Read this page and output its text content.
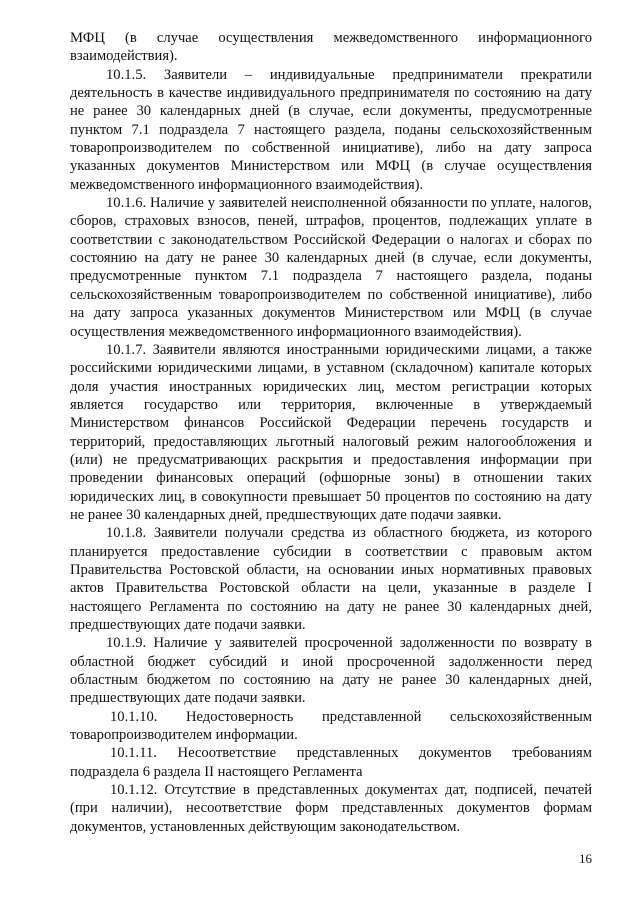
МФЦ (в случае осуществления межведомственного информационного взаимодействия).

10.1.5. Заявители – индивидуальные предприниматели прекратили деятельность в качестве индивидуального предпринимателя по состоянию на дату не ранее 30 календарных дней (в случае, если документы, предусмотренные пунктом 7.1 подраздела 7 настоящего раздела, поданы сельскохозяйственным товаропроизводителем по собственной инициативе), либо на дату запроса указанных документов Министерством или МФЦ (в случае осуществления межведомственного информационного взаимодействия).

10.1.6. Наличие у заявителей неисполненной обязанности по уплате, налогов, сборов, страховых взносов, пеней, штрафов, процентов, подлежащих уплате в соответствии с законодательством Российской Федерации о налогах и сборах по состоянию на дату не ранее 30 календарных дней (в случае, если документы, предусмотренные пунктом 7.1 подраздела 7 настоящего раздела, поданы сельскохозяйственным товаропроизводителем по собственной инициативе), либо на дату запроса указанных документов Министерством или МФЦ (в случае осуществления межведомственного информационного взаимодействия).

10.1.7. Заявители являются иностранными юридическими лицами, а также российскими юридическими лицами, в уставном (складочном) капитале которых доля участия иностранных юридических лиц, местом регистрации которых является государство или территория, включенные в утверждаемый Министерством финансов Российской Федерации перечень государств и территорий, предоставляющих льготный налоговый режим налогообложения и (или) не предусматривающих раскрытия и предоставления информации при проведении финансовых операций (офшорные зоны) в отношении таких юридических лиц, в совокупности превышает 50 процентов по состоянию на дату не ранее 30 календарных дней, предшествующих дате подачи заявки.

10.1.8. Заявители получали средства из областного бюджета, из которого планируется предоставление субсидии в соответствии с правовым актом Правительства Ростовской области, на основании иных нормативных правовых актов Правительства Ростовской области на цели, указанные в разделе I настоящего Регламента по состоянию на дату не ранее 30 календарных дней, предшествующих дате подачи заявки.

10.1.9. Наличие у заявителей просроченной задолженности по возврату в областной бюджет субсидий и иной просроченной задолженности перед областным бюджетом по состоянию на дату не ранее 30 календарных дней, предшествующих дате подачи заявки.

10.1.10. Недостоверность представленной сельскохозяйственным товаропроизводителем информации.

10.1.11. Несоответствие представленных документов требованиям подраздела 6 раздела II настоящего Регламента

10.1.12. Отсутствие в представленных документах дат, подписей, печатей (при наличии), несоответствие форм представленных документов формам документов, установленных действующим законодательством.

16
